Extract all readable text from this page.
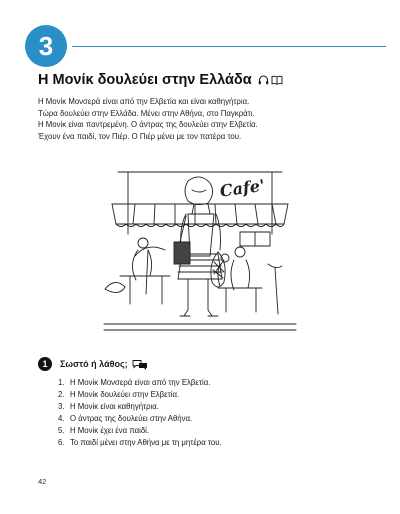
3
Η Μονίκ δουλεύει στην Ελλάδα

Η Μονίκ Μονσερά είναι από την Ελβετία και είναι καθηγήτρια.

Τώρα δουλεύει στην Ελλάδα. Μένει στην Αθήνα, στο Παγκράτι.

Η Μονίκ είναι παντρεμένη. Ο άντρας της δουλεύει στην Ελβετία.

Έχουν ένα παιδί, τον Πιέρ. Ο Πιέρ μένει με τον πατέρα του.

Cafe'
1	Σωστό ή λάθος;
1. Η Μονίκ Μονσερά είναι από την Ελβετία.
2. Η Μονίκ δουλεύει στην Ελβετία.
3. Η Μονίκ είναι καθηγήτρια.
4. Ο άντρας της δουλεύει στην Αθήνα.
5. Η Μονίκ έχει ένα παιδί.
6. Το παιδί μένει στην Αθήνα με τη μητέρα του.
42
